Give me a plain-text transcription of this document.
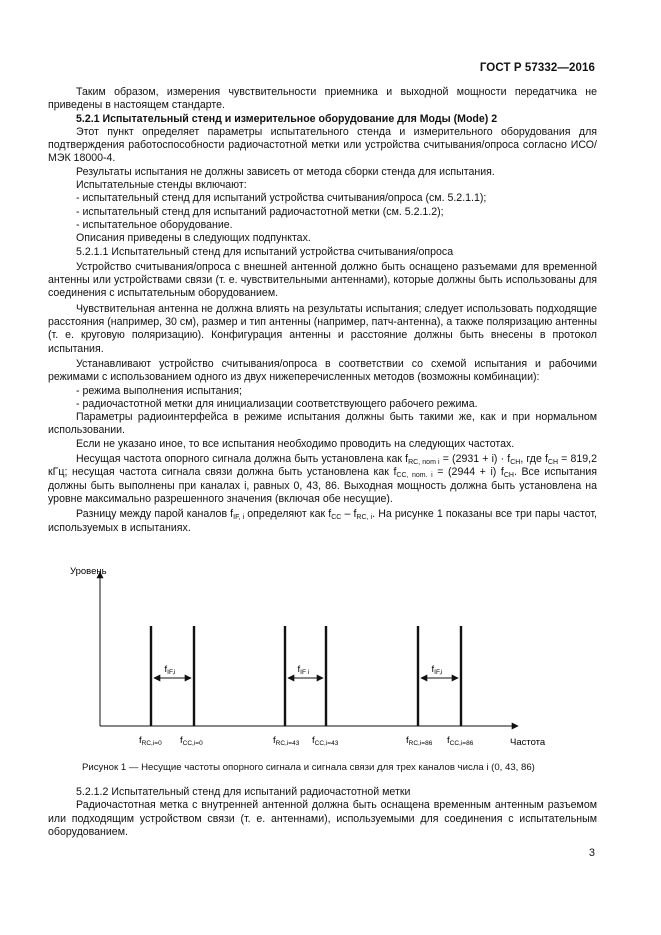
ГОСТ Р 57332—2016

Таким образом, измерения чувствительности приемника и выходной мощности передатчика не приведены в настоящем стандарте.

5.2.1 Испытательный стенд и измерительное оборудование для Моды (Mode) 2

Этот пункт определяет параметры испытательного стенда и измерительного оборудования для подтверждения работоспособности радиочастотной метки или устройства считывания/опроса согласно ИСО/МЭК 18000-4.

Результаты испытания не должны зависеть от метода сборки стенда для испытания.

Испытательные стенды включают:

- испытательный стенд для испытаний устройства считывания/опроса (см. 5.2.1.1);

- испытательный стенд для испытаний радиочастотной метки (см. 5.2.1.2);

- испытательное оборудование.

Описания приведены в следующих подпунктах.

5.2.1.1 Испытательный стенд для испытаний устройства считывания/опроса

Устройство считывания/опроса с внешней антенной должно быть оснащено разъемами для временной антенны или устройствами связи (т. е. чувствительными антеннами), которые должны быть использованы для соединения с испытательным оборудованием.

Чувствительная антенна не должна влиять на результаты испытания; следует использовать подходящие расстояния (например, 30 см), размер и тип антенны (например, патч-антенна), а также поляризацию антенны (т. е. круговую поляризацию). Конфигурация антенны и расстояние должны быть внесены в протокол испытания.

Устанавливают устройство считывания/опроса в соответствии со схемой испытания и рабочими режимами с использованием одного из двух нижеперечисленных методов (возможны комбинации):

- режима выполнения испытания;

- радиочастотной метки для инициализации соответствующего рабочего режима.

Параметры радиоинтерфейса в режиме испытания должны быть такими же, как и при нормальном использовании.

Если не указано иное, то все испытания необходимо проводить на следующих частотах.

Несущая частота опорного сигнала должна быть установлена как $f_{RC, nom i} = (2931 + i) \cdot f_{CH}$, где $f_{CH} = 819,2$ кГц; несущая частота сигнала связи должна быть установлена как $f_{CC, nom. i} = (2944 + i)$ $f_{CH}$. Все испытания должны быть выполнены при каналах i, равных 0, 43, 86. Выходная мощность должна быть установлена на уровне максимально разрешенного значения (включая обе несущие).

Разницу между парой каналов $f_{IF, i}$ определяют как $f_{CC} - f_{RC, i}$. На рисунке 1 показаны все три пары частот, используемых в испытаниях.

Уровень
Частота
$f_{IF,i}$
$f_{RC,i=0}$ $f_{CC,i=0}$
$f_{IF i}$
$f_{RC,i=43}$ $f_{CC,i=43}$
$f_{IF,i}$
$f_{RC,i=86}$ $f_{CC,i=86}$
Рисунок 1 — Несущие частоты опорного сигнала и сигнала связи для трех каналов числа i (0, 43, 86)

5.2.1.2 Испытательный стенд для испытаний радиочастотной метки

Радиочастотная метка с внутренней антенной должна быть оснащена временным антенным разъемом или подходящим устройством связи (т. е. антеннами), используемыми для соединения с испытательным оборудованием.

3
